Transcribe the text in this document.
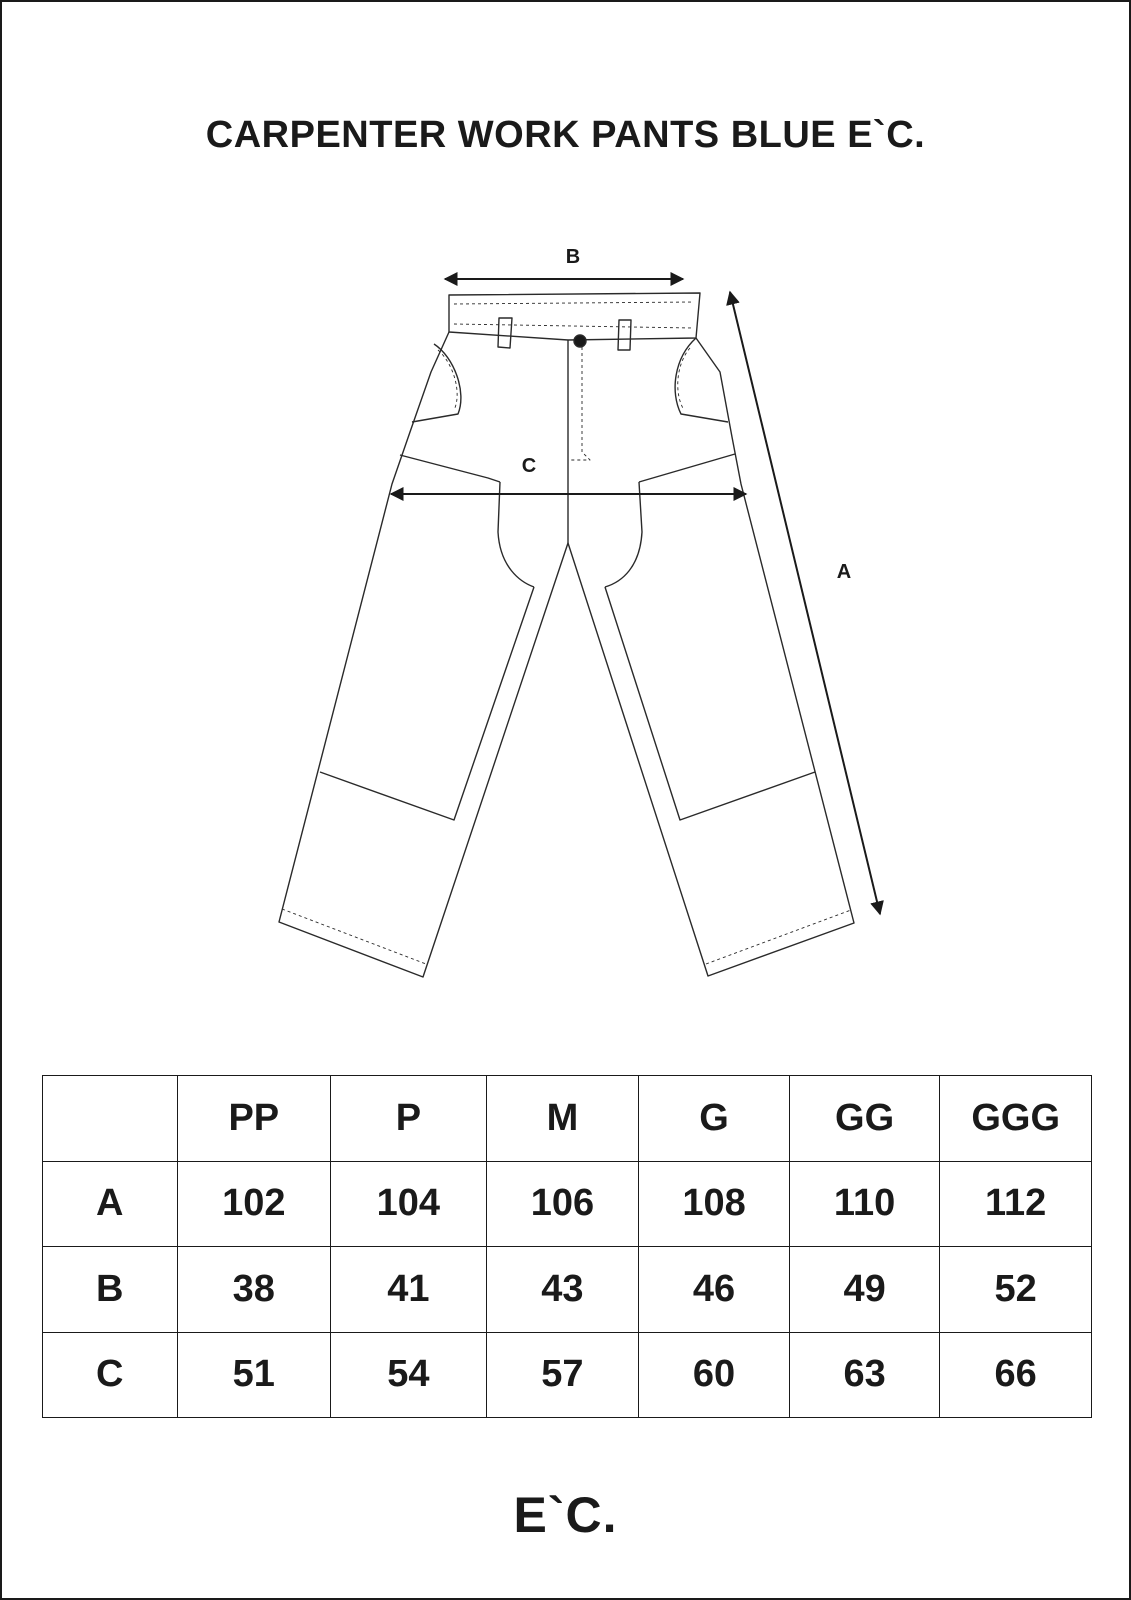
CARPENTER WORK PANTS BLUE E`C.
B
C
A
	PP	P	M	G	GG	GGG
A	102	104	106	108	110	112
B	38	41	43	46	49	52
C	51	54	57	60	63	66
E`C.
